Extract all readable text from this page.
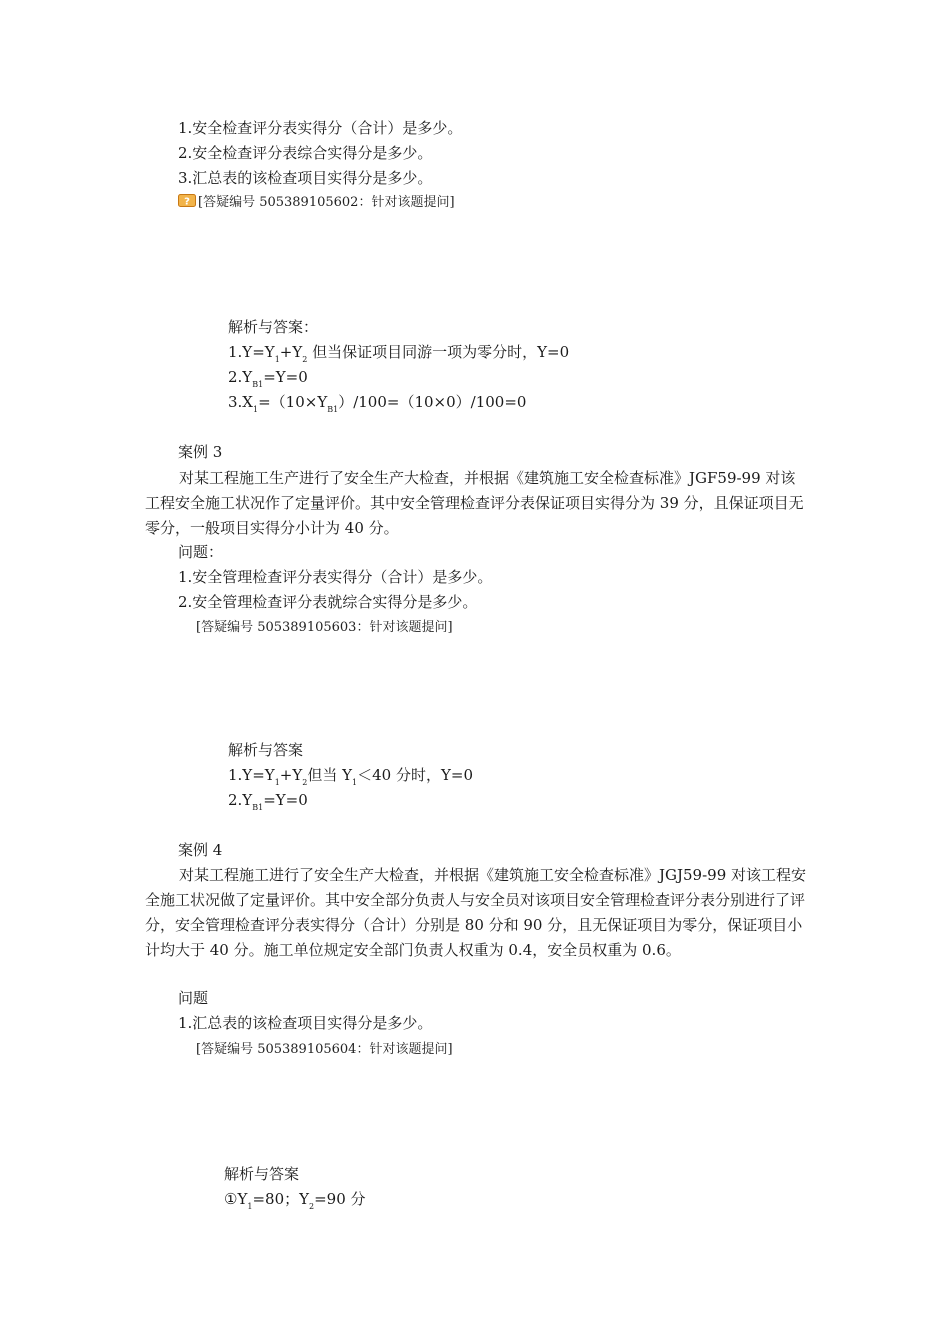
1.安全检查评分表实得分（合计）是多少。
2.安全检查评分表综合实得分是多少。
3.汇总表的该检查项目实得分是多少。
? [答疑编号 505389105602：针对该题提问]
解析与答案：
$1.Y=Y_1+Y_2$ 但当保证项目同游一项为零分时，Y=0
$2.Y_{B1}=Y=0$
$3.X_1=(10\times Y_{B1})/100=(10\times 0)/100=0$
案例 3
对某工程施工生产进行了安全生产大检查，并根据《建筑施工安全检查标准》JGF59-99 对该工程安全施工状况作了定量评价。其中安全管理检查评分表保证项目实得分为 39 分，且保证项目无零分，一般项目实得分小计为 40 分。
问题：
1.安全管理检查评分表实得分（合计）是多少。
2.安全管理检查评分表就综合实得分是多少。
[答疑编号 505389105603：针对该题提问]
解析与答案
$1.Y=Y_1+Y_2$但当 $Y_1<40$ 分时，Y=0
$2.Y_{B1}=Y=0$
案例 4
对某工程施工进行了安全生产大检查，并根据《建筑施工安全检查标准》JGJ59-99 对该工程安全施工状况做了定量评价。其中安全部分负责人与安全员对该项目安全管理检查评分表分别进行了评分，安全管理检查评分表实得分（合计）分别是 80 分和 90 分，且无保证项目为零分，保证项目小计均大于 40 分。施工单位规定安全部门负责人权重为 0.4，安全员权重为 0.6。
问题
1.汇总表的该检查项目实得分是多少。
[答疑编号 505389105604：针对该题提问]
解析与答案
$①Y_1=80$；$Y_2=90$ 分
